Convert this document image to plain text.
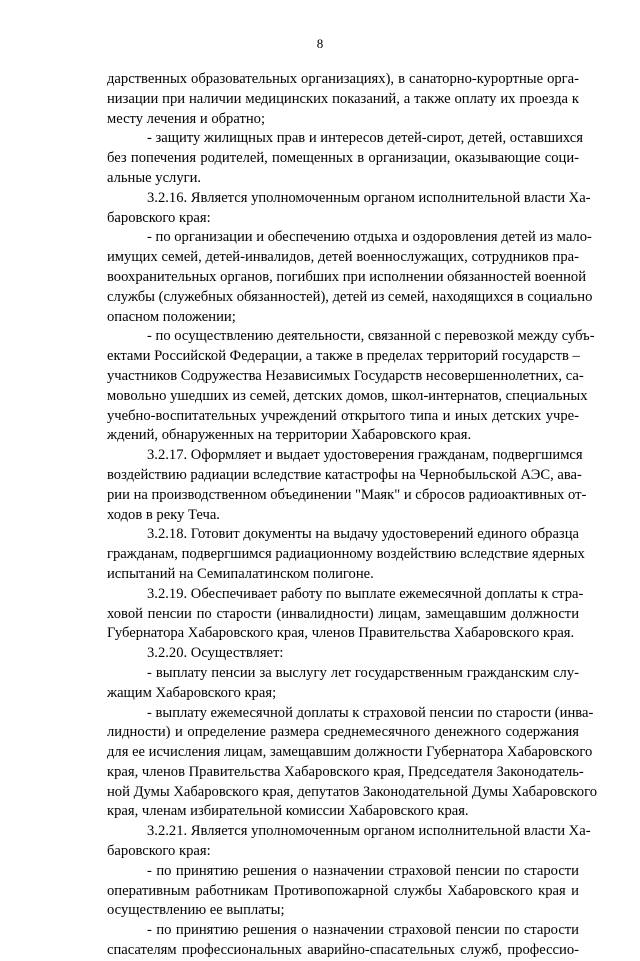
8
дарственных образовательных организациях), в санаторно-курортные орга-
низации при наличии медицинских показаний, а также оплату их проезда к
месту лечения и обратно;
- защиту жилищных прав и интересов детей-сирот, детей, оставшихся
без попечения родителей, помещенных в организации, оказывающие соци-
альные услуги.
3.2.16. Является уполномоченным органом исполнительной власти Ха-
баровского края:
- по организации и обеспечению отдыха и оздоровления детей из мало-
имущих семей, детей-инвалидов, детей военнослужащих, сотрудников пра-
воохранительных органов, погибших при исполнении обязанностей военной
службы (служебных обязанностей), детей из семей, находящихся в социально
опасном положении;
- по осуществлению деятельности, связанной с перевозкой между субъ-
ектами Российской Федерации, а также в пределах территорий государств –
участников Содружества Независимых Государств несовершеннолетних, са-
мовольно ушедших из семей, детских домов, школ-интернатов, специальных
учебно-воспитательных учреждений открытого типа и иных детских учре-
ждений, обнаруженных на территории Хабаровского края.
3.2.17. Оформляет и выдает удостоверения гражданам, подвергшимся
воздействию радиации вследствие катастрофы на Чернобыльской АЭС, ава-
рии на производственном объединении "Маяк" и сбросов радиоактивных от-
ходов в реку Теча.
3.2.18. Готовит документы на выдачу удостоверений единого образца
гражданам, подвергшимся радиационному воздействию вследствие ядерных
испытаний на Семипалатинском полигоне.
3.2.19. Обеспечивает работу по выплате ежемесячной доплаты к стра-
ховой пенсии по старости (инвалидности) лицам, замещавшим должности
Губернатора Хабаровского края, членов Правительства Хабаровского края.
3.2.20. Осуществляет:
- выплату пенсии за выслугу лет государственным гражданским слу-
жащим Хабаровского края;
- выплату ежемесячной доплаты к страховой пенсии по старости (инва-
лидности) и определение размера среднемесячного денежного содержания
для ее исчисления лицам, замещавшим должности Губернатора Хабаровского
края, членов Правительства Хабаровского края, Председателя Законодатель-
ной Думы Хабаровского края, депутатов Законодательной Думы Хабаровского
края, членам избирательной комиссии Хабаровского края.
3.2.21. Является уполномоченным органом исполнительной власти Ха-
баровского края:
- по принятию решения о назначении страховой пенсии по старости
оперативным работникам Противопожарной службы Хабаровского края и
осуществлению ее выплаты;
- по принятию решения о назначении страховой пенсии по старости
спасателям профессиональных аварийно-спасательных служб, профессио-
